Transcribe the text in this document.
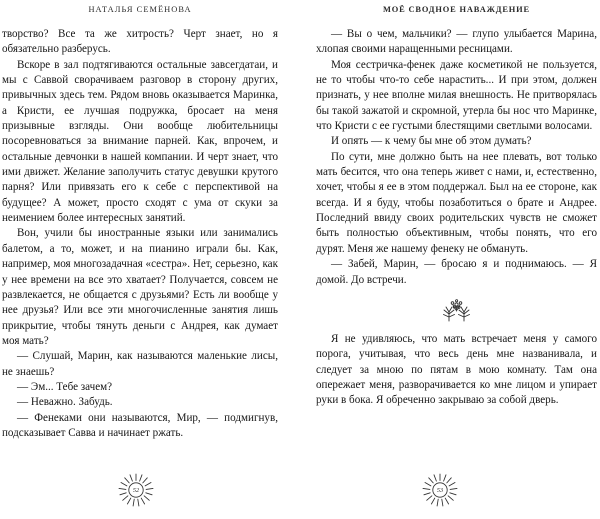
НАТАЛЬЯ СЕМЁНОВА

творство? Все та же хитрость? Черт знает, но я обязательно разберусь.

Вскоре в зал подтягиваются остальные завсегдатаи, и мы с Саввой сворачиваем разговор в сторону других, привычных здесь тем. Рядом вновь оказывается Маринка, а Кристи, ее лучшая подружка, бросает на меня призывные взгляды. Они вообще любительницы посоревноваться за внимание парней. Как, впрочем, и остальные девчонки в нашей компании. И черт знает, что ими движет. Желание заполучить статус девушки крутого парня? Или привязать его к себе с перспективой на будущее? А может, просто сходят с ума от скуки за неимением более интересных занятий.

Вон, учили бы иностранные языки или занимались балетом, а то, может, и на пианино играли бы. Как, например, моя многозадачная «сестра». Нет, серьезно, как у нее времени на все это хватает? Получается, совсем не развлекается, не общается с друзьями? Есть ли вообще у нее друзья? Или все эти многочисленные занятия лишь прикрытие, чтобы тянуть деньги с Андрея, как думает моя мать?

— Слушай, Марин, как называются маленькие лисы, не знаешь?

— Эм... Тебе зачем?

— Неважно. Забудь.

— Фенеками они называются, Мир, — подмигнув, подсказывает Савва и начинает ржать.

МОЁ СВОДНОЕ НАВАЖДЕНИЕ

— Вы о чем, мальчики? — глупо улыбается Марина, хлопая своими наращенными ресницами.

Моя сестричка-фенек даже косметикой не пользуется, не то чтобы что-то себе нарастить... И при этом, должен признать, у нее вполне милая внешность. Не притворялась бы такой зажатой и скромной, утерла бы нос что Маринке, что Кристи с ее густыми блестящими светлыми волосами.

И опять — к чему бы мне об этом думать?

По сути, мне должно быть на нее плевать, вот только мать бесится, что она теперь живет с нами, и, естественно, хочет, чтобы я ее в этом поддержал. Был на ее стороне, как всегда. И я буду, чтобы позаботиться о брате и Андрее. Последний ввиду своих родительских чувств не сможет быть полностью объективным, чтобы понять, что его дурят. Меня же нашему фенеку не обмануть.

— Забей, Марин, — бросаю я и поднимаюсь. — Я домой. До встречи.

Я не удивляюсь, что мать встречает меня у самого порога, учитывая, что весь день мне названивала, и следует за мною по пятам в мою комнату. Там она опережает меня, разворачивается ко мне лицом и упирает руки в бока. Я обреченно закрываю за собой дверь.

52	53
